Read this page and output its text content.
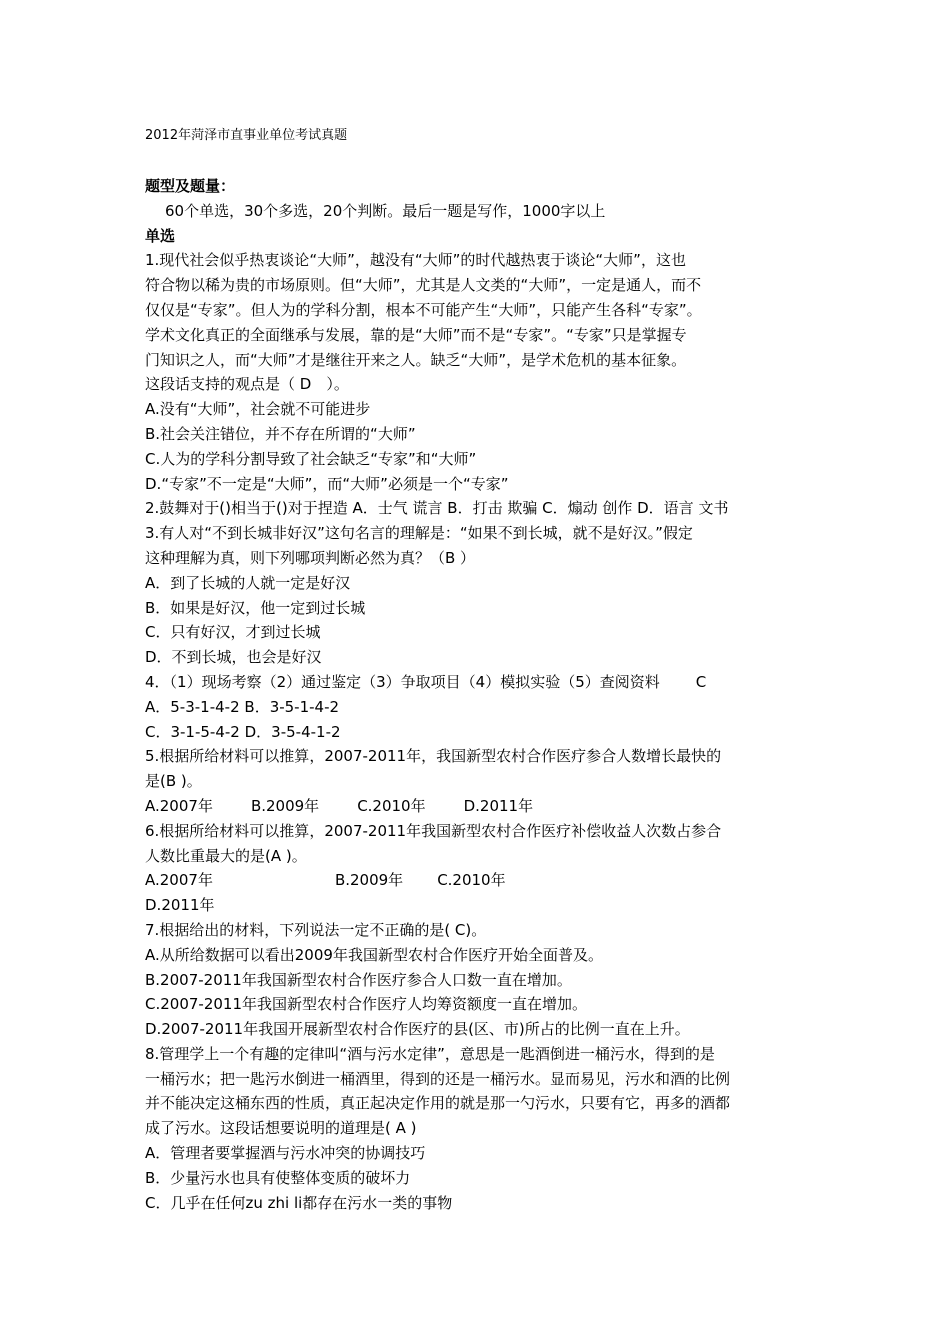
2012年菏泽市直事业单位考试真题
题型及题量：
60个单选，30个多选，20个判断。最后一题是写作，1000字以上
单选
1.现代社会似乎热衷谈论“大师”，越没有“大师”的时代越热衷于谈论“大师”，这也
符合物以稀为贵的市场原则。但“大师”，尤其是人文类的“大师”，一定是通人，而不
仅仅是“专家”。但人为的学科分割，根本不可能产生“大师”，只能产生各科“专家”。
学术文化真正的全面继承与发展，靠的是“大师”而不是“专家”。“专家”只是掌握专
门知识之人，而“大师”才是继往开来之人。缺乏“大师”，是学术危机的基本征象。
这段话支持的观点是（ D　）。
A.没有“大师”，社会就不可能进步
B.社会关注错位，并不存在所谓的“大师”
C.人为的学科分割导致了社会缺乏“专家”和“大师”
D.“专家”不一定是“大师”，而“大师”必须是一个“专家”
2.鼓舞对于()相当于()对于捏造 A．士气 谎言 B．打击 欺骗 C．煽动 创作 D．语言 文书
3.有人对“不到长城非好汉”这句名言的理解是：“如果不到长城，就不是好汉。”假定
这种理解为真，则下列哪项判断必然为真？（B ）
A．到了长城的人就一定是好汉
B．如果是好汉，他一定到过长城
C．只有好汉，才到过长城
D．不到长城，也会是好汉
4．（1）现场考察（2）通过鉴定（3）争取项目（4）模拟实验（5）查阅资料 C
A．5-3-1-4-2 B．3-5-1-4-2
C．3-1-5-4-2 D．3-5-4-1-2
5.根据所给材料可以推算，2007-2011年，我国新型农村合作医疗参合人数增长最快的
是(B )。
A.2007年	B.2009年	C.2010年	D.2011年
6.根据所给材料可以推算，2007-2011年我国新型农村合作医疗补偿收益人次数占参合
人数比重最大的是(A )。
A.2007年	B.2009年 C.2010年
D.2011年
7.根据给出的材料，下列说法一定不正确的是( C)。
A.从所给数据可以看出2009年我国新型农村合作医疗开始全面普及。
B.2007-2011年我国新型农村合作医疗参合人口数一直在增加。
C.2007-2011年我国新型农村合作医疗人均筹资额度一直在增加。
D.2007-2011年我国开展新型农村合作医疗的县(区、市)所占的比例一直在上升。
8.管理学上一个有趣的定律叫“酒与污水定律”，意思是一匙酒倒进一桶污水，得到的是
一桶污水；把一匙污水倒进一桶酒里，得到的还是一桶污水。显而易见，污水和酒的比例
并不能决定这桶东西的性质，真正起决定作用的就是那一勺污水，只要有它，再多的酒都
成了污水。这段话想要说明的道理是( A )
A．管理者要掌握酒与污水冲突的协调技巧
B．少量污水也具有使整体变质的破坏力
C．几乎在任何zu zhi li都存在污水一类的事物
